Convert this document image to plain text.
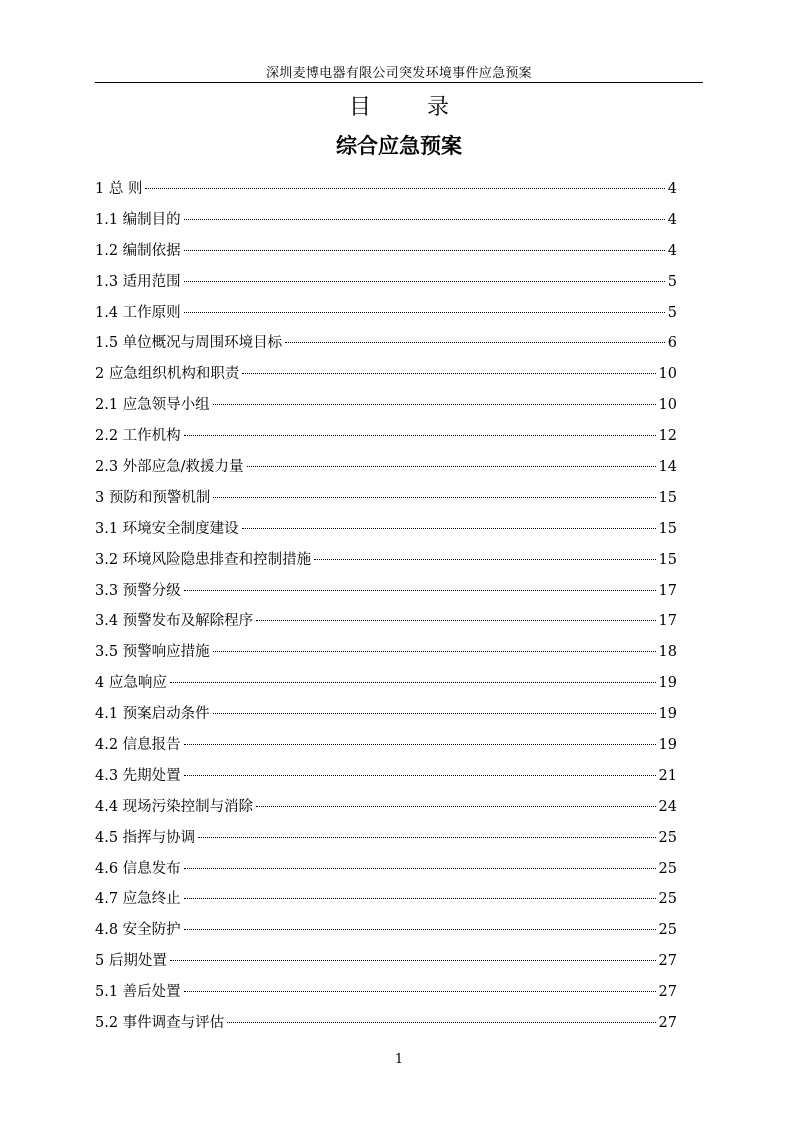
深圳麦博电器有限公司突发环境事件应急预案
目        录
综合应急预案
1 总 则	4
1.1 编制目的	4
1.2 编制依据	4
1.3 适用范围	5
1.4 工作原则	5
1.5 单位概况与周围环境目标	6
2 应急组织机构和职责	10
2.1 应急领导小组	10
2.2 工作机构	12
2.3 外部应急/救援力量	14
3 预防和预警机制	15
3.1 环境安全制度建设	15
3.2 环境风险隐患排查和控制措施	15
3.3 预警分级	17
3.4 预警发布及解除程序	17
3.5 预警响应措施	18
4 应急响应	19
4.1 预案启动条件	19
4.2 信息报告	19
4.3 先期处置	21
4.4 现场污染控制与消除	24
4.5 指挥与协调	25
4.6 信息发布	25
4.7 应急终止	25
4.8 安全防护	25
5 后期处置	27
5.1 善后处置	27
5.2 事件调查与评估	27
1
